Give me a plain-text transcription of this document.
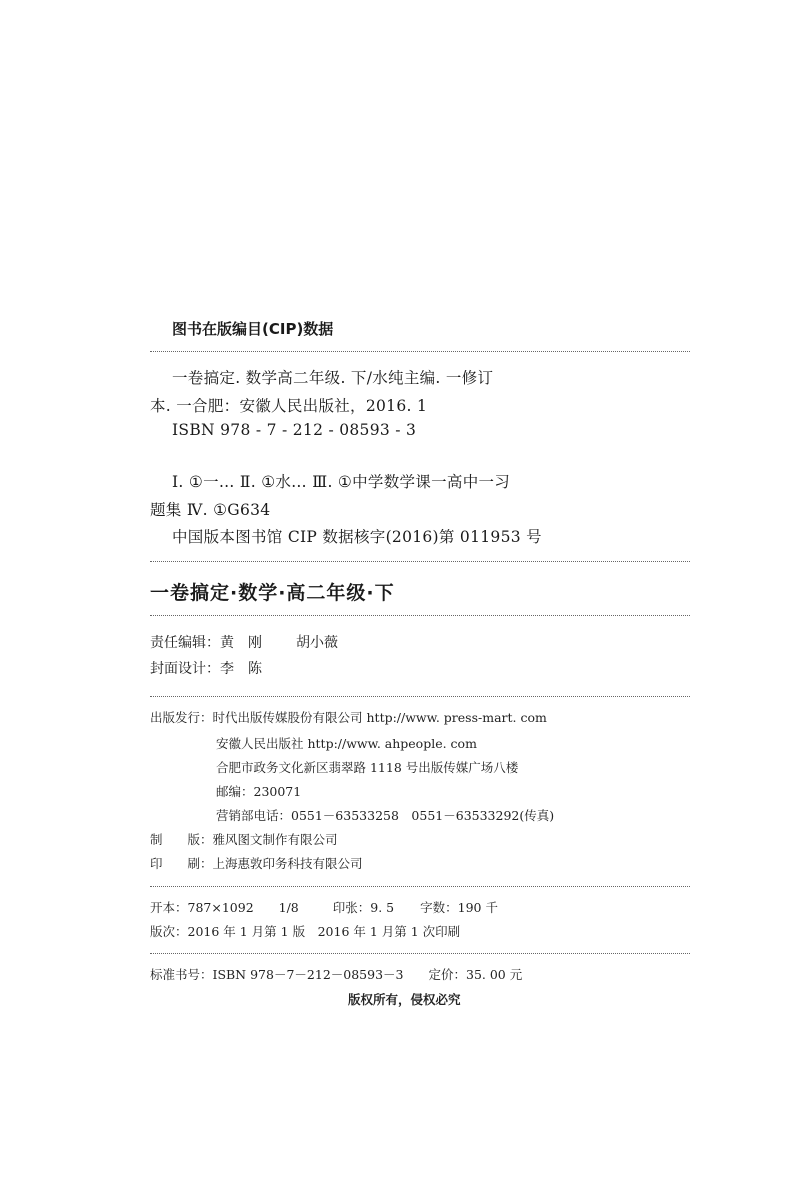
图书在版编目(CIP)数据
一卷搞定. 数学高二年级. 下/水纯主编. 一修订
本. 一合肥：安徽人民出版社，2016. 1
ISBN 978 - 7 - 212 - 08593 - 3
Ⅰ. ①一… Ⅱ. ①水… Ⅲ. ①中学数学课一高中一习
题集 Ⅳ. ①G634
中国版本图书馆 CIP 数据核字(2016)第 011953 号
一卷搞定·数学·高二年级·下
责任编辑：黄　刚 胡小薇
封面设计：李　陈
出版发行：时代出版传媒股份有限公司 http://www. press-mart. com
安徽人民出版社 http://www. ahpeople. com
合肥市政务文化新区翡翠路 1118 号出版传媒广场八楼
邮编：230071
营销部电话：0551－63533258　0551－63533292(传真)
制　　版：雅风图文制作有限公司
印　　刷：上海惠敦印务科技有限公司
开本：787×1092　　1/8	印张：9. 5 字数：190 千
版次：2016 年 1 月第 1 版　2016 年 1 月第 1 次印刷
标准书号：ISBN 978－7－212－08593－3　　定价：35. 00 元
版权所有，侵权必究
